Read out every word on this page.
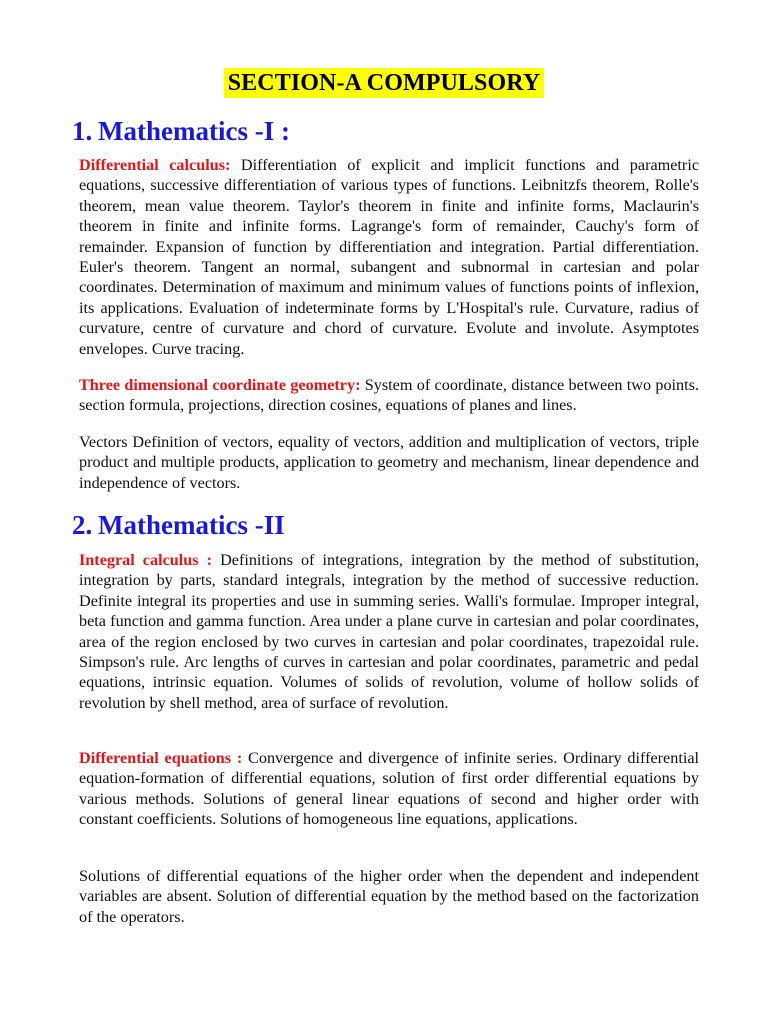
SECTION-A COMPULSORY
1. Mathematics -I :
Differential calculus: Differentiation of explicit and implicit functions and parametric equations, successive differentiation of various types of functions. Leibnitzfs theorem, Rolle's theorem, mean value theorem. Taylor's theorem in finite and infinite forms, Maclaurin's theorem in finite and infinite forms. Lagrange's form of remainder, Cauchy's form of remainder. Expansion of function by differentiation and integration. Partial differentiation. Euler's theorem. Tangent an normal, subangent and subnormal in cartesian and polar coordinates. Determination of maximum and minimum values of functions points of inflexion, its applications. Evaluation of indeterminate forms by L'Hospital's rule. Curvature, radius of curvature, centre of curvature and chord of curvature. Evolute and involute. Asymptotes envelopes. Curve tracing.
Three dimensional coordinate geometry: System of coordinate, distance between two points. section formula, projections, direction cosines, equations of planes and lines.
Vectors Definition of vectors, equality of vectors, addition and multiplication of vectors, triple product and multiple products, application to geometry and mechanism, linear dependence and independence of vectors.
2. Mathematics -II
Integral calculus : Definitions of integrations, integration by the method of substitution, integration by parts, standard integrals, integration by the method of successive reduction. Definite integral its properties and use in summing series. Walli's formulae. Improper integral, beta function and gamma function. Area under a plane curve in cartesian and polar coordinates, area of the region enclosed by two curves in cartesian and polar coordinates, trapezoidal rule. Simpson's rule. Arc lengths of curves in cartesian and polar coordinates, parametric and pedal equations, intrinsic equation. Volumes of solids of revolution, volume of hollow solids of revolution by shell method, area of surface of revolution.
Differential equations : Convergence and divergence of infinite series. Ordinary differential equation-formation of differential equations, solution of first order differential equations by various methods. Solutions of general linear equations of second and higher order with constant coefficients. Solutions of homogeneous line equations, applications.
Solutions of differential equations of the higher order when the dependent and independent variables are absent. Solution of differential equation by the method based on the factorization of the operators.
